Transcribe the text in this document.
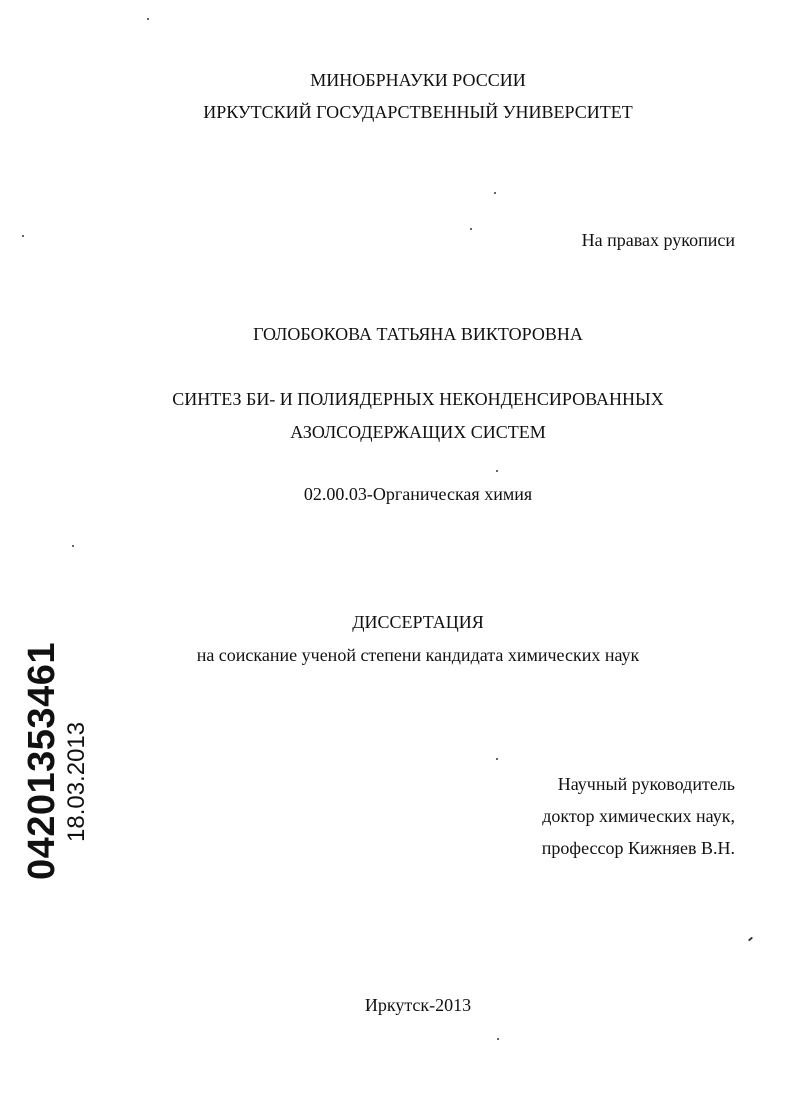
МИНОБРНАУКИ РОССИИ
ИРКУТСКИЙ ГОСУДАРСТВЕННЫЙ УНИВЕРСИТЕТ
На правах рукописи
ГОЛОБОКОВА ТАТЬЯНА ВИКТОРОВНА
СИНТЕЗ БИ- И ПОЛИЯДЕРНЫХ НЕКОНДЕНСИРОВАННЫХ
АЗОЛСОДЕРЖАЩИХ СИСТЕМ
02.00.03-Органическая химия
ДИССЕРТАЦИЯ
на соискание ученой степени кандидата химических наук
Научный руководитель
доктор химических наук,
профессор Кижняев В.Н.
Иркутск-2013
04201353461 18.03.2013
